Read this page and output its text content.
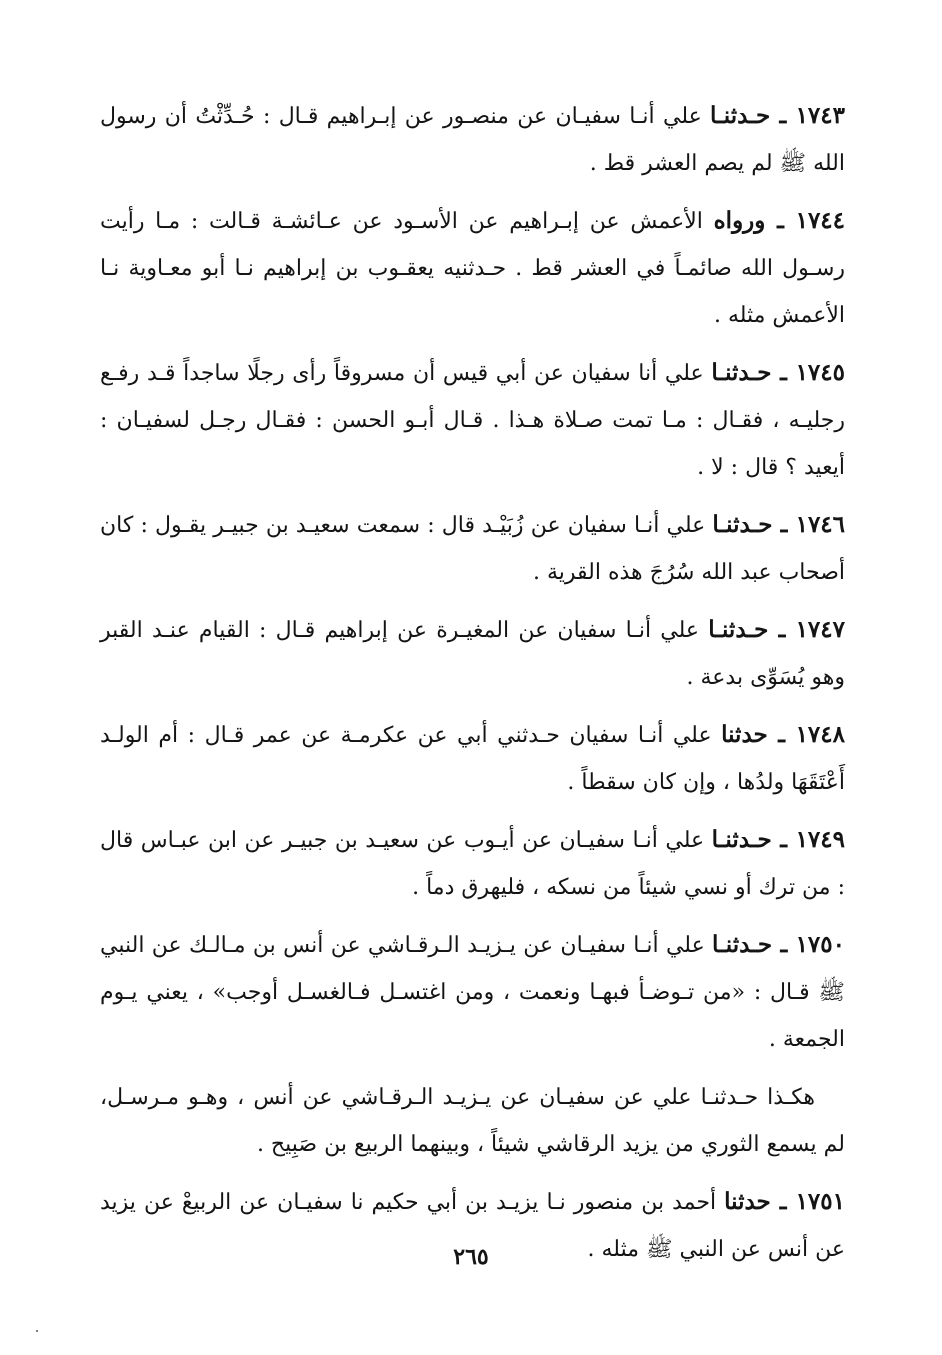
١٧٤٣ ـ حـدثنـا علي أنـا سفيـان عن منصـور عن إبـراهيم قـال : حُـدِّثْتُ أن رسول الله ﷺ لم يصم العشر قط .

١٧٤٤ ـ ورواه الأعمش عن إبـراهيم عن الأسـود عن عـائشـة قـالت : مـا رأيت رسـول الله صائمـاً في العشر قط . حـدثنيه يعقـوب بن إبراهيم نـا أبو معـاوية نـا الأعمش مثله .

١٧٤٥ ـ حـدثنـا علي أنا سفيان عن أبي قيس أن مسروقاً رأى رجلًا ساجداً قـد رفـع رجليـه ، فقـال : مـا تمت صـلاة هـذا . قـال أبـو الحسن : فقـال رجـل لسفيـان : أيعيد ؟ قال : لا .

١٧٤٦ ـ حـدثنـا علي أنـا سفيان عن زُبَيْـد قال : سمعت سعيـد بن جبيـر يقـول : كان أصحاب عبد الله سُرُجَ هذه القرية .

١٧٤٧ ـ حـدثنـا علي أنـا سفيان عن المغيـرة عن إبراهيم قـال : القيام عنـد القبر وهو يُسَوِّى بدعة .

١٧٤٨ ـ حدثنا علي أنـا سفيان حـدثني أبي عن عكرمـة عن عمر قـال : أم الولـد أَعْتَقَهَا ولدُها ، وإن كان سقطاً .

١٧٤٩ ـ حـدثنـا علي أنـا سفيـان عن أيـوب عن سعيـد بن جبيـر عن ابن عبـاس قال : من ترك أو نسي شيئاً من نسكه ، فليهرق دماً .

١٧٥٠ ـ حـدثنـا علي أنـا سفيـان عن يـزيـد الـرقـاشي عن أنس بن مـالـك عن النبي ﷺ قـال : «من تـوضـأ فبهـا ونعمت ، ومن اغتسـل فـالغسـل أوجب» ، يعني يـوم الجمعة .

هكـذا حـدثنـا علي عن سفيـان عن يـزيـد الـرقـاشي عن أنس ، وهـو مـرسـل، لم يسمع الثوري من يزيد الرقاشي شيئاً ، وبينهما الربيع بن صَبِيح .

١٧٥١ ـ حدثنا أحمد بن منصور نـا يزيـد بن أبي حكيم نا سفيـان عن الربيعْ عن يزيد عن أنس عن النبي ﷺ مثله .

٢٦٥
